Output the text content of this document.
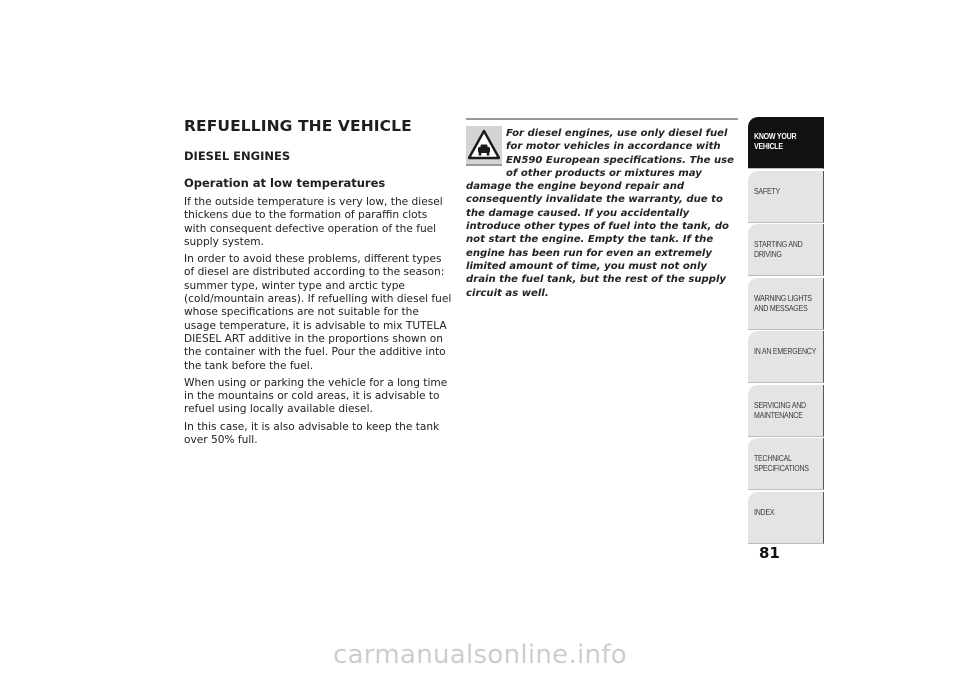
REFUELLING THE VEHICLE
DIESEL ENGINES
Operation at low temperatures

If the outside temperature is very low, the diesel thickens due to the formation of paraffin clots with consequent defective operation of the fuel supply system.

In order to avoid these problems, different types of diesel are distributed according to the season: summer type, winter type and arctic type (cold/mountain areas). If refuelling with diesel fuel whose specifications are not suitable for the usage temperature, it is advisable to mix TUTELA DIESEL ART additive in the proportions shown on the container with the fuel. Pour the additive into the tank before the fuel.

When using or parking the vehicle for a long time in the mountains or cold areas, it is advisable to refuel using locally available diesel.

In this case, it is also advisable to keep the tank over 50% full.

For diesel engines, use only diesel fuel for motor vehicles in accordance with EN590 European specifications. The use of other products or mixtures may damage the engine beyond repair and consequently invalidate the warranty, due to the damage caused. If you accidentally introduce other types of fuel into the tank, do not start the engine. Empty the tank. If the engine has been run for even an extremely limited amount of time, you must not only drain the fuel tank, but the rest of the supply circuit as well.
KNOW YOUR VEHICLE
SAFETY
STARTING AND DRIVING
WARNING LIGHTS AND MESSAGES
IN AN EMERGENCY
SERVICING AND MAINTENANCE
TECHNICAL SPECIFICATIONS
INDEX
81
carmanualsonline.info
